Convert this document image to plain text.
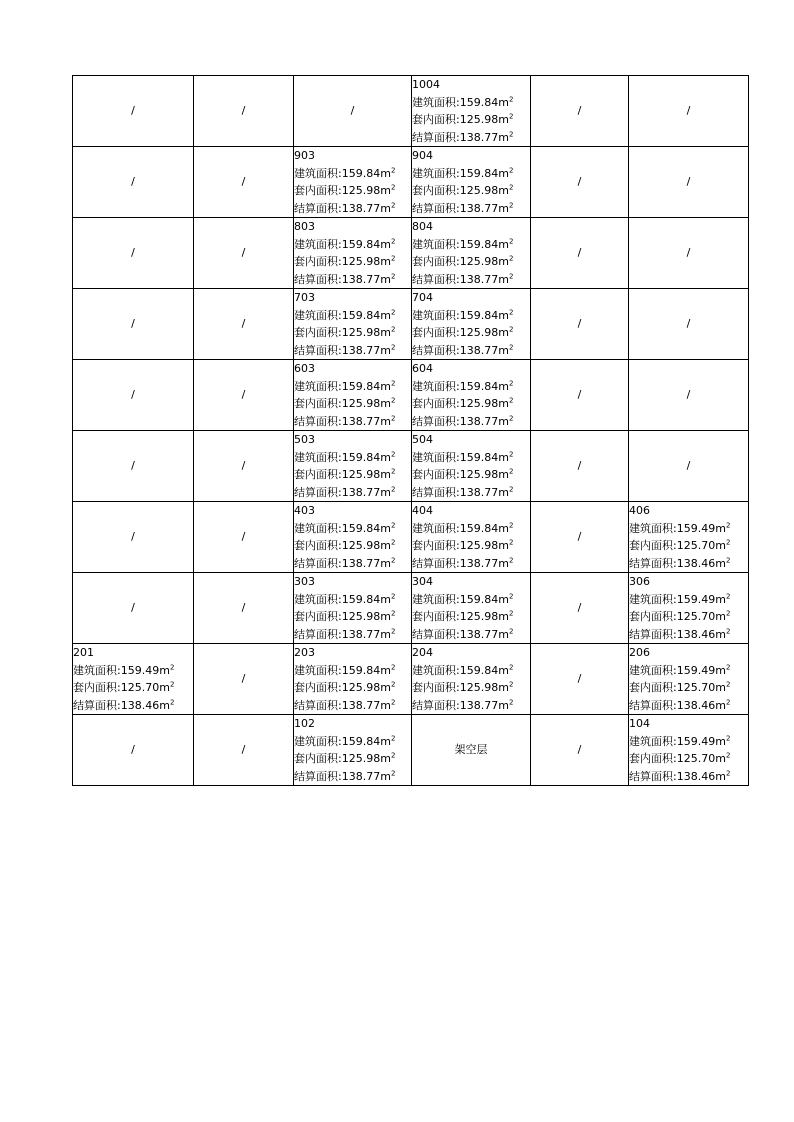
/	/	/	1004
建筑面积$:159.84m^2$
套内面积$:125.98m^2$
结算面积$:138.77m^2$	/	/
/	/	903
建筑面积$:159.84m^2$
套内面积$:125.98m^2$
结算面积$:138.77m^2$	904
建筑面积$:159.84m^2$
套内面积$:125.98m^2$
结算面积$:138.77m^2$	/	/
/	/	803
建筑面积$:159.84m^2$
套内面积$:125.98m^2$
结算面积$:138.77m^2$	804
建筑面积$:159.84m^2$
套内面积$:125.98m^2$
结算面积$:138.77m^2$	/	/
/	/	703
建筑面积$:159.84m^2$
套内面积$:125.98m^2$
结算面积$:138.77m^2$	704
建筑面积$:159.84m^2$
套内面积$:125.98m^2$
结算面积$:138.77m^2$	/	/
/	/	603
建筑面积$:159.84m^2$
套内面积$:125.98m^2$
结算面积$:138.77m^2$	604
建筑面积$:159.84m^2$
套内面积$:125.98m^2$
结算面积$:138.77m^2$	/	/
/	/	503
建筑面积$:159.84m^2$
套内面积$:125.98m^2$
结算面积$:138.77m^2$	504
建筑面积$:159.84m^2$
套内面积$:125.98m^2$
结算面积$:138.77m^2$	/	/
/	/	403
建筑面积$:159.84m^2$
套内面积$:125.98m^2$
结算面积$:138.77m^2$	404
建筑面积$:159.84m^2$
套内面积$:125.98m^2$
结算面积$:138.77m^2$	/	406
建筑面积$:159.49m^2$
套内面积$:125.70m^2$
结算面积$:138.46m^2$

/	/	303
建筑面积$:159.84m^2$
套内面积$:125.98m^2$
结算面积$:138.77m^2$	304
建筑面积$:159.84m^2$
套内面积$:125.98m^2$
结算面积$:138.77m^2$	/	306
建筑面积$:159.49m^2$
套内面积$:125.70m^2$
结算面积$:138.46m^2$

201
建筑面积$:159.49m^2$
套内面积$:125.70m^2$
结算面积$:138.46m^2$	/	203
建筑面积$:159.84m^2$
套内面积$:125.98m^2$
结算面积$:138.77m^2$	204
建筑面积$:159.84m^2$
套内面积$:125.98m^2$
结算面积$:138.77m^2$	/	206
建筑面积$:159.49m^2$
套内面积$:125.70m^2$
结算面积$:138.46m^2$

/	/	102
建筑面积$:159.84m^2$
套内面积$:125.98m^2$
结算面积$:138.77m^2$	架空层	/	104
建筑面积$:159.49m^2$
套内面积$:125.70m^2$
结算面积$:138.46m^2$
